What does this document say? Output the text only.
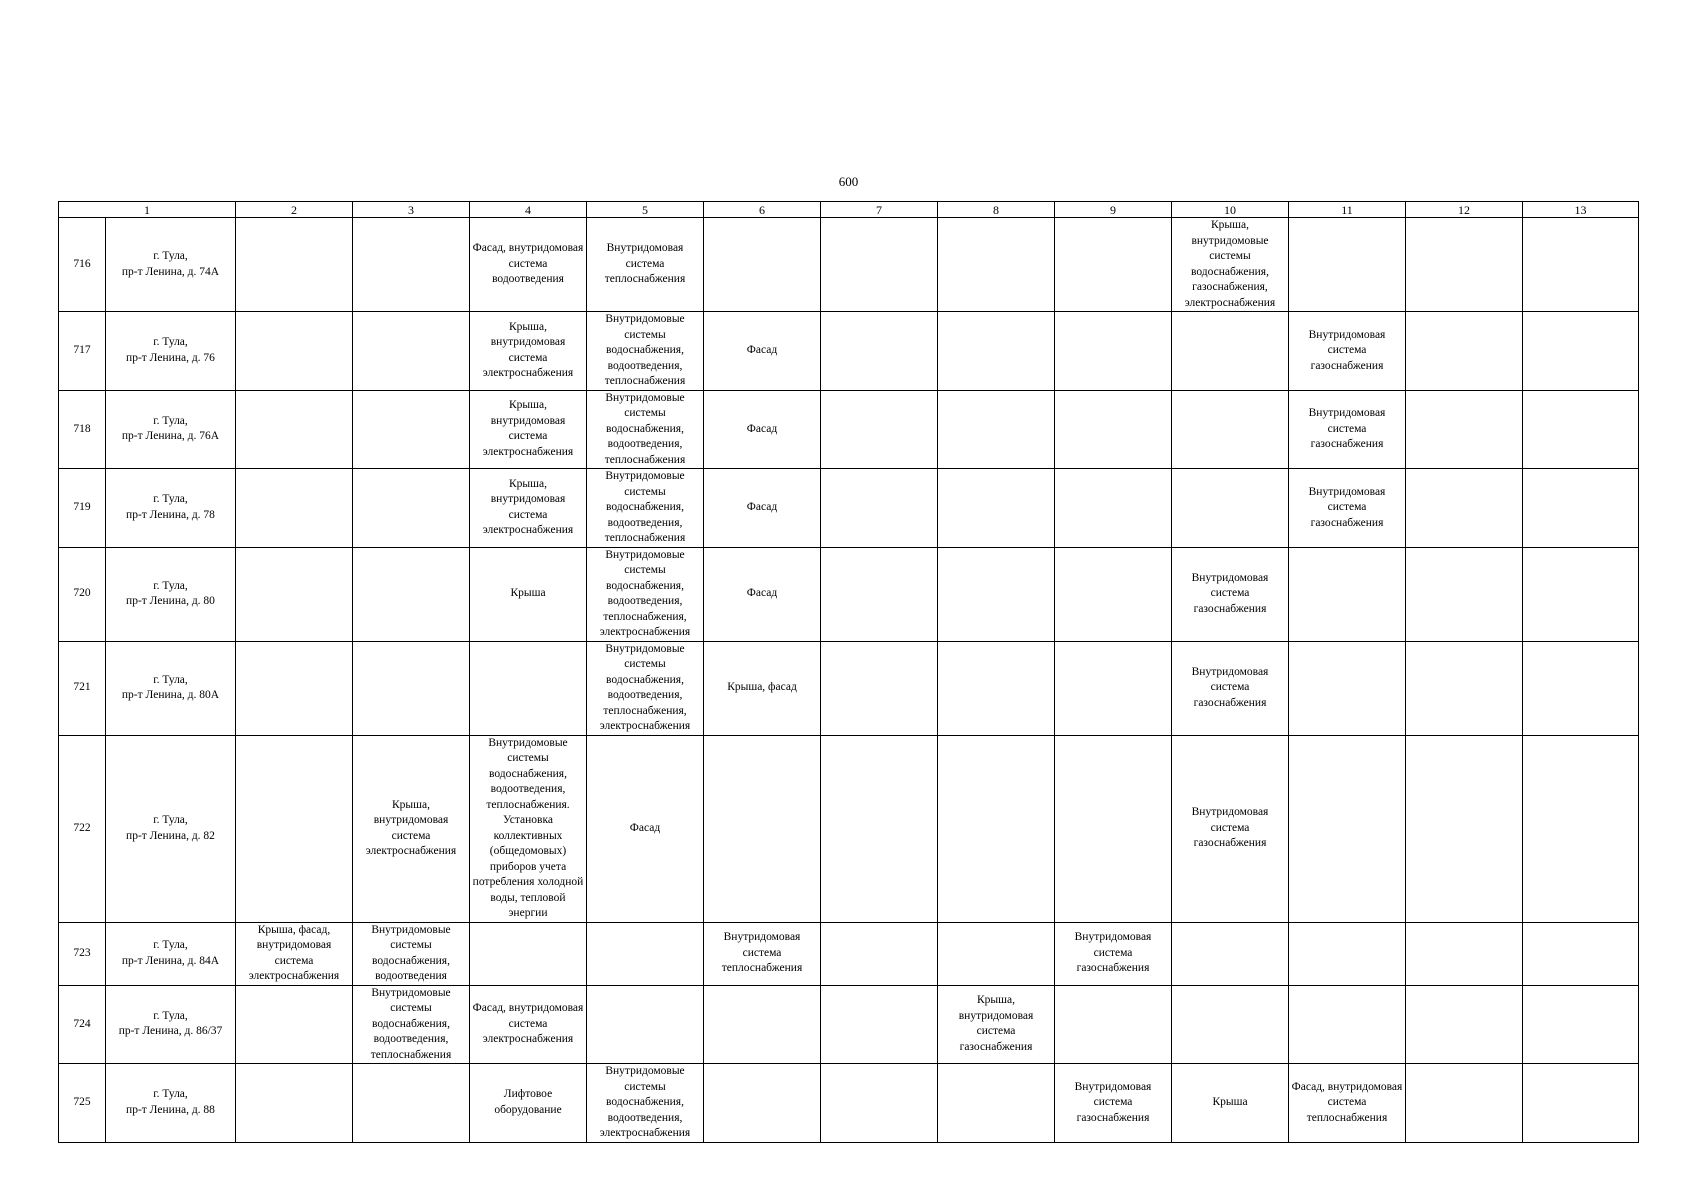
600
1		2	3	4	5	6	7	8	9	10	11	12	13
716	г. Тула,
пр-т Ленина, д. 74А			Фасад, внутридомовая система водоотведения	Внутридомовая система теплоснабжения					Крыша, внутридомовые системы водоснабжения, газоснабжения, электроснабжения			
717	г. Тула,
пр-т Ленина, д. 76			Крыша, внутридомовая система электроснабжения	Внутридомовые системы водоснабжения, водоотведения, теплоснабжения	Фасад					Внутридомовая система газоснабжения		
718	г. Тула,
пр-т Ленина, д. 76А			Крыша, внутридомовая система электроснабжения	Внутридомовые системы водоснабжения, водоотведения, теплоснабжения	Фасад					Внутридомовая система газоснабжения		
719	г. Тула,
пр-т Ленина, д. 78			Крыша, внутридомовая система электроснабжения	Внутридомовые системы водоснабжения, водоотведения, теплоснабжения	Фасад					Внутридомовая система газоснабжения		
720	г. Тула,
пр-т Ленина, д. 80			Крыша	Внутридомовые системы водоснабжения, водоотведения, теплоснабжения, электроснабжения	Фасад				Внутридомовая система газоснабжения			
721	г. Тула,
пр-т Ленина, д. 80А				Внутридомовые системы водоснабжения, водоотведения, теплоснабжения, электроснабжения	Крыша, фасад				Внутридомовая система газоснабжения			
722	г. Тула,
пр-т Ленина, д. 82		Крыша, внутридомовая система электроснабжения	Внутридомовые системы водоснабжения, водоотведения, теплоснабжения. Установка коллективных (общедомовых) приборов учета потребления холодной воды, тепловой энергии	Фасад					Внутридомовая система газоснабжения			
723	г. Тула,
пр-т Ленина, д. 84А	Крыша, фасад, внутридомовая система электроснабжения	Внутридомовые системы водоснабжения, водоотведения			Внутридомовая система теплоснабжения			Внутридомовая система газоснабжения				
724	г. Тула,
пр-т Ленина, д. 86/37		Внутридомовые системы водоснабжения, водоотведения, теплоснабжения	Фасад, внутридомовая система электроснабжения				Крыша, внутридомовая система газоснабжения					
725	г. Тула,
пр-т Ленина, д. 88			Лифтовое оборудование	Внутридомовые системы водоснабжения, водоотведения, электроснабжения				Внутридомовая система газоснабжения	Крыша	Фасад, внутридомовая система теплоснабжения		
